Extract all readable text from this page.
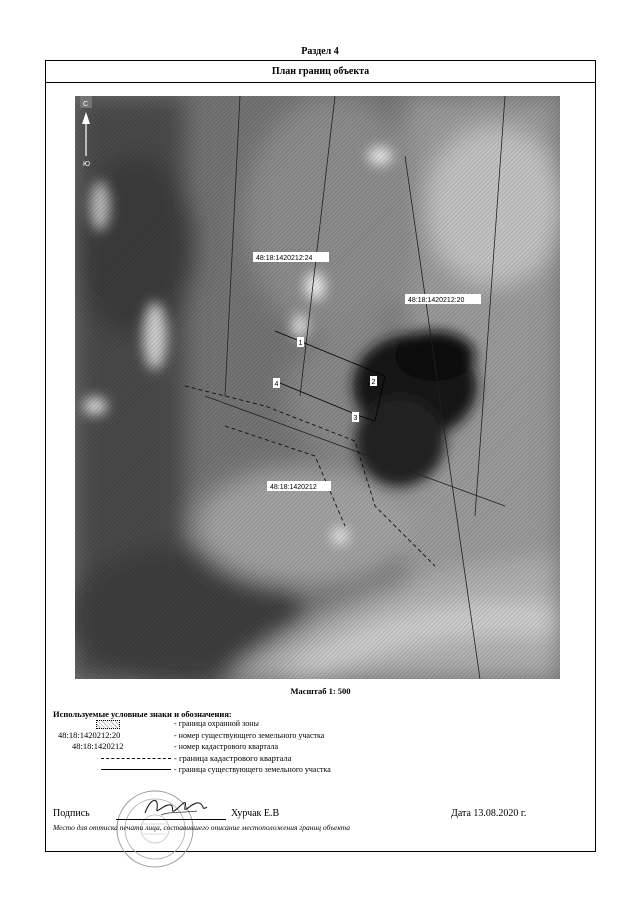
Раздел 4
План границ объекта
С
Ю
48:18:1420212:24
48:18:1420212:20
48:18:1420212
1
2
3
4
Масштаб 1: 500
Используемые условные знаки и обозначения:
- граница охранной зоны
48:18:1420212:20	- номер существующего земельного участка
48:18:1420212	- номер кадастрового квартала
- граница кадастрового квартала
- граница существующего земельного участка
Подпись	Хурчак Е.В	Дата 13.08.2020 г.
Место для оттиска печати лица, составившего описание местоположения границ объекта
